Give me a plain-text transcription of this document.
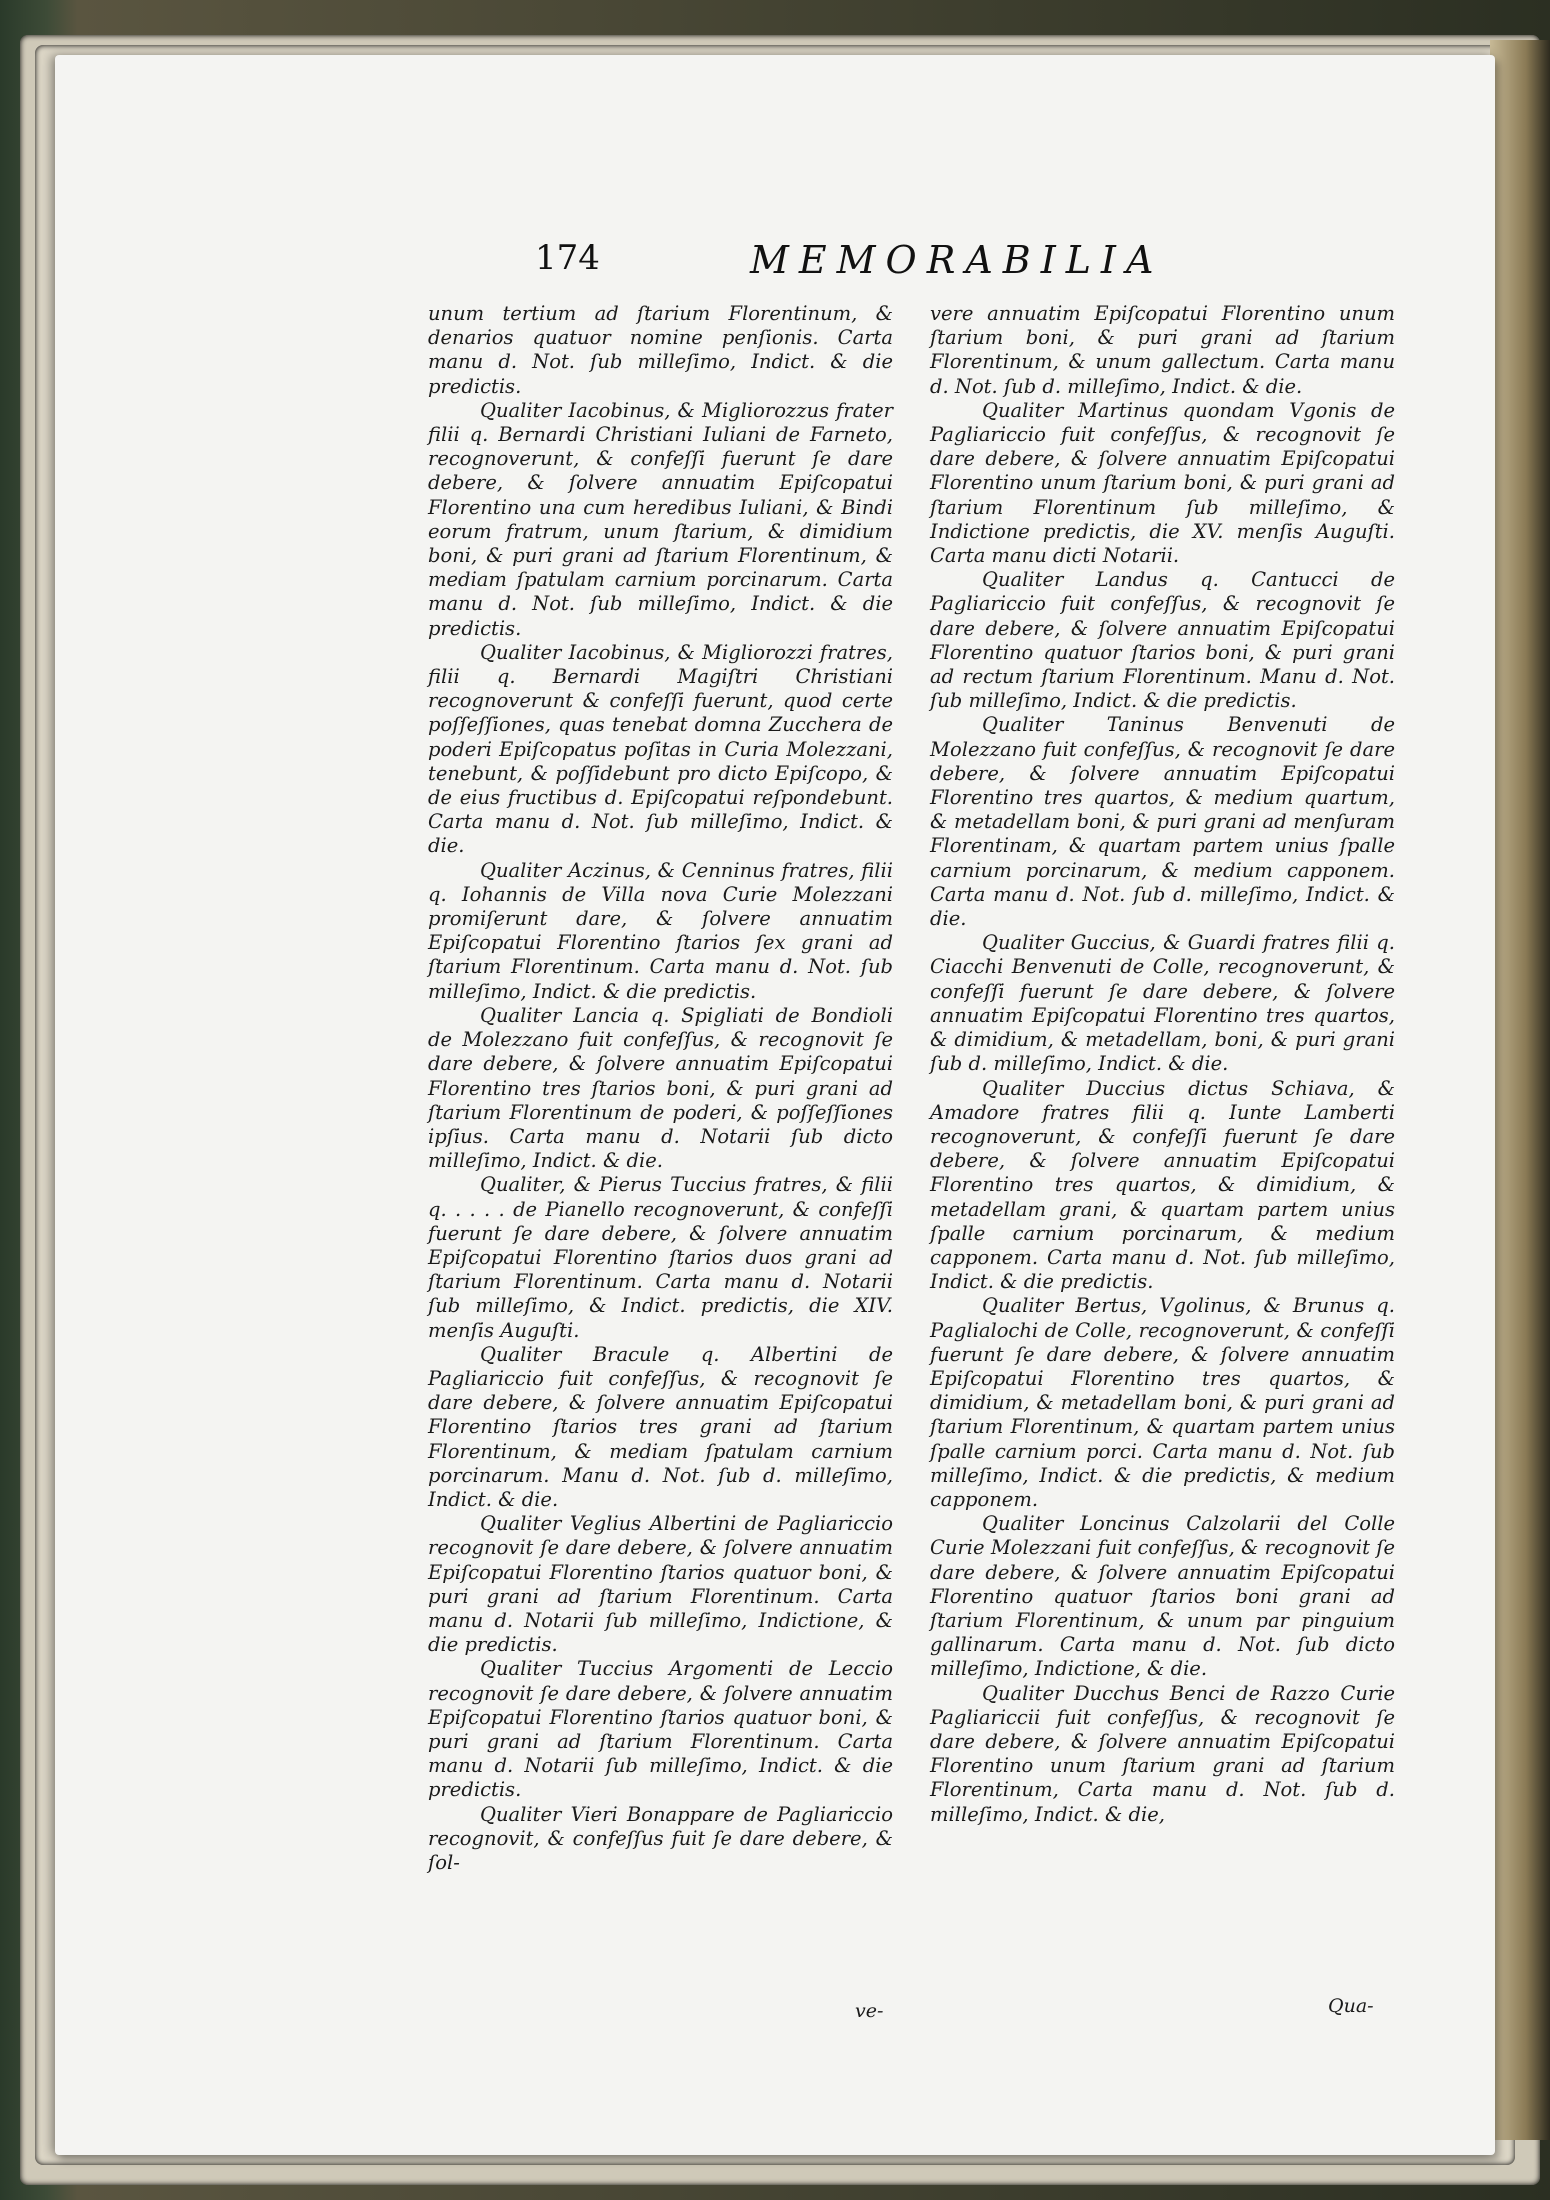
174	MEMORABILIA

unum tertium ad ſtarium Florentinum, & denarios quatuor nomine penſionis. Carta manu d. Not. ſub milleſimo, Indict. & die predictis.

Qualiter Iacobinus, & Migliorozzus frater filii q. Bernardi Christiani Iuliani de Farneto, recognoverunt, & confeſſi fuerunt ſe dare debere, & ſolvere annuatim Epiſcopatui Florentino una cum heredibus Iuliani, & Bindi eorum fratrum, unum ſtarium, & dimidium boni, & puri grani ad ſtarium Florentinum, & mediam ſpatulam carnium porcinarum. Carta manu d. Not. ſub milleſimo, Indict. & die predictis.

Qualiter Iacobinus, & Migliorozzi fratres, filii q. Bernardi Magiſtri Christiani recognoverunt & confeſſi fuerunt, quod certe poſſeſſiones, quas tenebat domna Zucchera de poderi Epiſcopatus poſitas in Curia Molezzani, tenebunt, & poſſidebunt pro dicto Epiſcopo, & de eius fructibus d. Epiſcopatui reſpondebunt. Carta manu d. Not. ſub milleſimo, Indict. & die.

Qualiter Aczinus, & Cenninus fratres, filii q. Iohannis de Villa nova Curie Molezzani promiſerunt dare, & ſolvere annuatim Epiſcopatui Florentino ſtarios ſex grani ad ſtarium Florentinum. Carta manu d. Not. ſub milleſimo, Indict. & die predictis.

Qualiter Lancia q. Spigliati de Bondioli de Molezzano fuit confeſſus, & recognovit ſe dare debere, & ſolvere annuatim Epiſcopatui Florentino tres ſtarios boni, & puri grani ad ſtarium Florentinum de poderi, & poſſeſſiones ipſius. Carta manu d. Notarii ſub dicto milleſimo, Indict. & die.

Qualiter, & Pierus Tuccius fratres, & filii q. . . . . de Pianello recognoverunt, & confeſſi fuerunt ſe dare debere, & ſolvere annuatim Epiſcopatui Florentino ſtarios duos grani ad ſtarium Florentinum. Carta manu d. Notarii ſub milleſimo, & Indict. predictis, die XIV. menſis Auguſti.

Qualiter Bracule q. Albertini de Pagliariccio fuit confeſſus, & recognovit ſe dare debere, & ſolvere annuatim Epiſcopatui Florentino ſtarios tres grani ad ſtarium Florentinum, & mediam ſpatulam carnium porcinarum. Manu d. Not. ſub d. milleſimo, Indict. & die.

Qualiter Veglius Albertini de Pagliariccio recognovit ſe dare debere, & ſolvere annuatim Epiſcopatui Florentino ſtarios quatuor boni, & puri grani ad ſtarium Florentinum. Carta manu d. Notarii ſub milleſimo, Indictione, & die predictis.

Qualiter Tuccius Argomenti de Leccio recognovit ſe dare debere, & ſolvere annuatim Epiſcopatui Florentino ſtarios quatuor boni, & puri grani ad ſtarium Florentinum. Carta manu d. Notarii ſub milleſimo, Indict. & die predictis.

Qualiter Vieri Bonappare de Pagliariccio recognovit, & confeſſus fuit ſe dare debere, & ſol-

vere annuatim Epiſcopatui Florentino unum ſtarium boni, & puri grani ad ſtarium Florentinum, & unum gallectum. Carta manu d. Not. ſub d. milleſimo, Indict. & die.

Qualiter Martinus quondam Vgonis de Pagliariccio fuit confeſſus, & recognovit ſe dare debere, & ſolvere annuatim Epiſcopatui Florentino unum ſtarium boni, & puri grani ad ſtarium Florentinum ſub milleſimo, & Indictione predictis, die XV. menſis Auguſti. Carta manu dicti Notarii.

Qualiter Landus q. Cantucci de Pagliariccio fuit confeſſus, & recognovit ſe dare debere, & ſolvere annuatim Epiſcopatui Florentino quatuor ſtarios boni, & puri grani ad rectum ſtarium Florentinum. Manu d. Not. ſub milleſimo, Indict. & die predictis.

Qualiter Taninus Benvenuti de Molezzano fuit confeſſus, & recognovit ſe dare debere, & ſolvere annuatim Epiſcopatui Florentino tres quartos, & medium quartum, & metadellam boni, & puri grani ad menſuram Florentinam, & quartam partem unius ſpalle carnium porcinarum, & medium capponem. Carta manu d. Not. ſub d. milleſimo, Indict. & die.

Qualiter Guccius, & Guardi fratres filii q. Ciacchi Benvenuti de Colle, recognoverunt, & confeſſi fuerunt ſe dare debere, & ſolvere annuatim Epiſcopatui Florentino tres quartos, & dimidium, & metadellam, boni, & puri grani ſub d. milleſimo, Indict. & die.

Qualiter Duccius dictus Schiava, & Amadore fratres filii q. Iunte Lamberti recognoverunt, & confeſſi fuerunt ſe dare debere, & ſolvere annuatim Epiſcopatui Florentino tres quartos, & dimidium, & metadellam grani, & quartam partem unius ſpalle carnium porcinarum, & medium capponem. Carta manu d. Not. ſub milleſimo, Indict. & die predictis.

Qualiter Bertus, Vgolinus, & Brunus q. Paglialochi de Colle, recognoverunt, & confeſſi fuerunt ſe dare debere, & ſolvere annuatim Epiſcopatui Florentino tres quartos, & dimidium, & metadellam boni, & puri grani ad ſtarium Florentinum, & quartam partem unius ſpalle carnium porci. Carta manu d. Not. ſub milleſimo, Indict. & die predictis, & medium capponem.

Qualiter Loncinus Calzolarii del Colle Curie Molezzani fuit confeſſus, & recognovit ſe dare debere, & ſolvere annuatim Epiſcopatui Florentino quatuor ſtarios boni grani ad ſtarium Florentinum, & unum par pinguium gallinarum. Carta manu d. Not. ſub dicto milleſimo, Indictione, & die.

Qualiter Ducchus Benci de Razzo Curie Pagliariccii fuit confeſſus, & recognovit ſe dare debere, & ſolvere annuatim Epiſcopatui Florentino unum ſtarium grani ad ſtarium Florentinum, Carta manu d. Not. ſub d. milleſimo, Indict. & die,

ve-	Qua-
